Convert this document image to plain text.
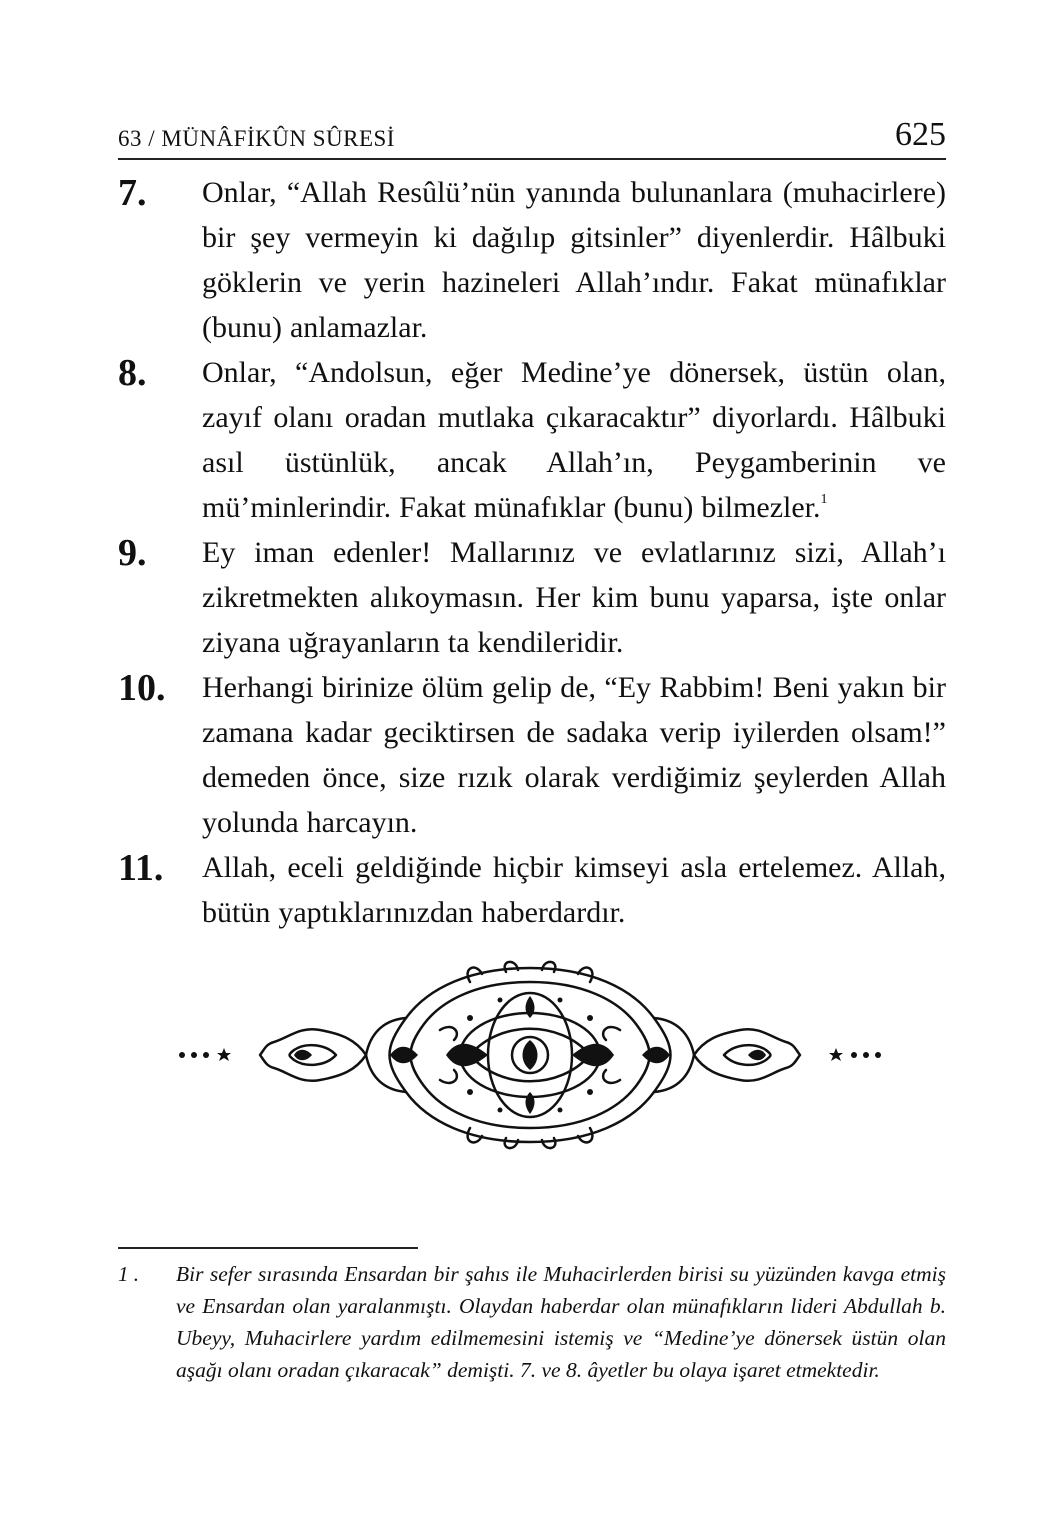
63 / MÜNÂFİKÛN SÛRESİ	625
7.	Onlar, “Allah Resûlü’nün yanında bulunanlara (muhacirlere) bir şey vermeyin ki dağılıp gitsinler” diyenlerdir. Hâlbuki göklerin ve yerin hazineleri Allah’ındır. Fakat münafıklar (bunu) anlamazlar.
8.	Onlar, “Andolsun, eğer Medine’ye dönersek, üstün olan, zayıf olanı oradan mutlaka çıkaracaktır” diyorlardı. Hâlbuki asıl üstünlük, ancak Allah’ın, Peygamberinin ve mü’minlerindir. Fakat münafıklar (bunu) bilmezler.$^1$
9.	Ey iman edenler! Mallarınız ve evlatlarınız sizi, Allah’ı zikretmekten alıkoymasın. Her kim bunu yaparsa, işte onlar ziyana uğrayanların ta kendileridir.
10.	Herhangi birinize ölüm gelip de, “Ey Rabbim! Beni yakın bir zamana kadar geciktirsen de sadaka verip iyilerden olsam!” demeden önce, size rızık olarak verdiğimiz şeylerden Allah yolunda harcayın.
11.	Allah, eceli geldiğinde hiçbir kimseyi asla ertelemez. Allah, bütün yaptıklarınızdan haberdardır.
1 .	Bir sefer sırasında Ensardan bir şahıs ile Muhacirlerden birisi su yüzünden kavga etmiş ve Ensardan olan yaralanmıştı. Olaydan haberdar olan münafıkların lideri Abdullah b. Ubeyy, Muhacirlere yardım edilmemesini istemiş ve “Medine’ye dönersek üstün olan aşağı olanı oradan çıkaracak” demişti. 7. ve 8. âyetler bu olaya işaret etmektedir.
